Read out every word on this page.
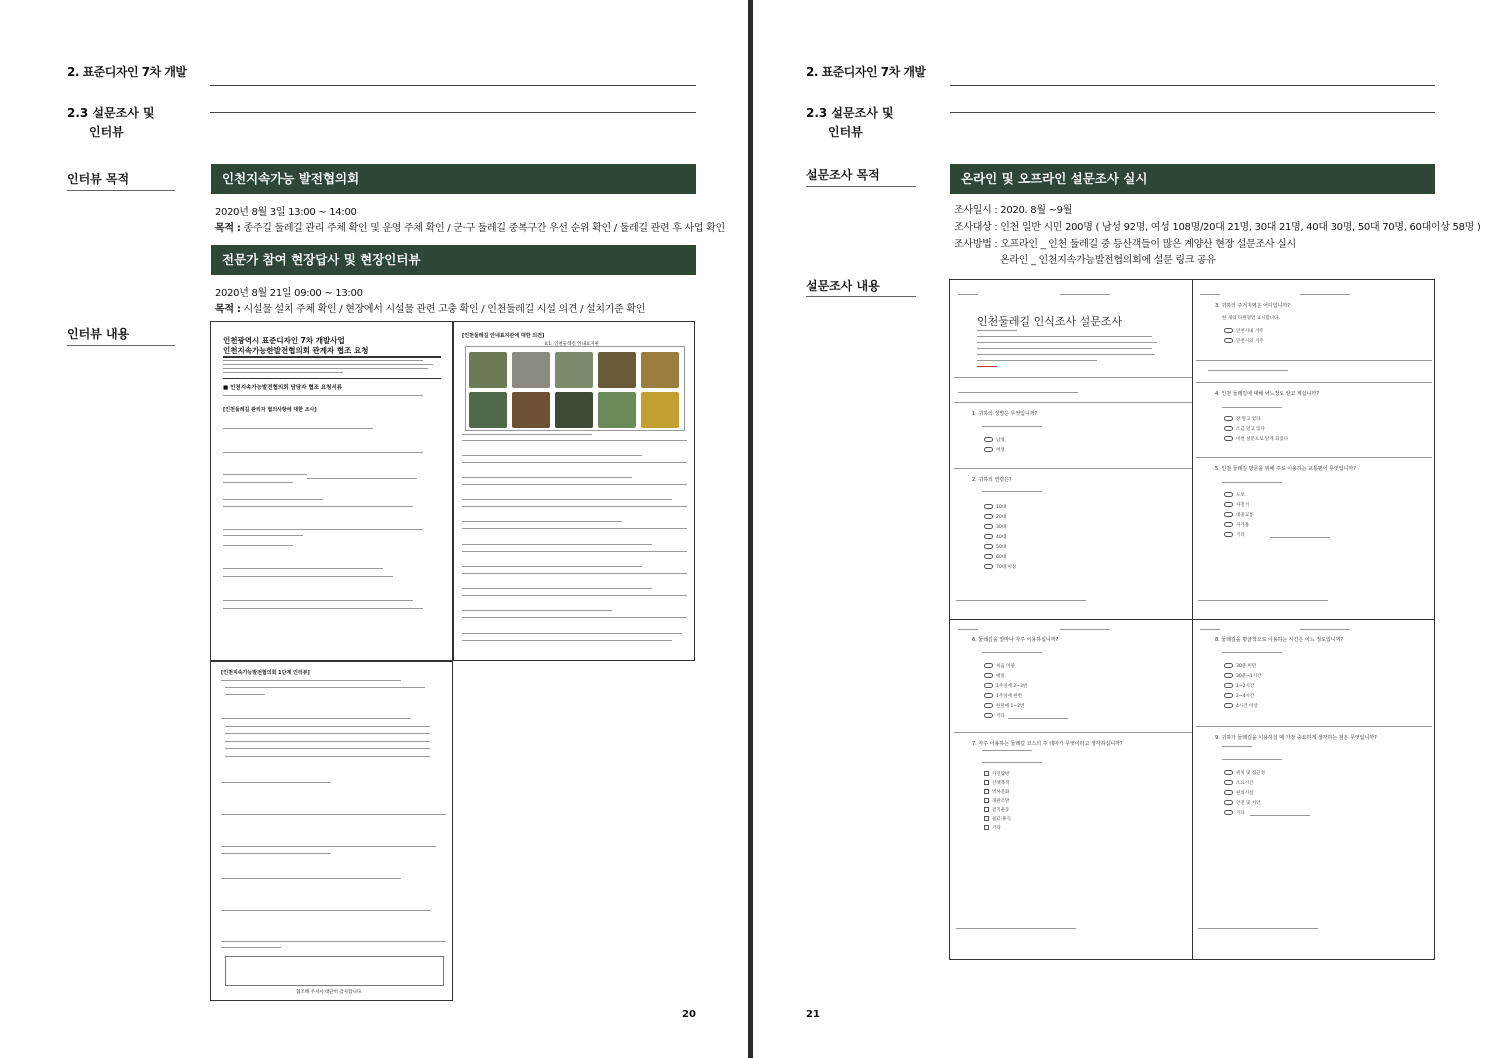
2. 표준디자인 7차 개발
2.3 설문조사 및
인터뷰
인터뷰 목적	인천지속가능 발전협의회
2020년 8월 3일 13:00 ~ 14:00
목적 : 종주길 둘레길 관리 주체 확인 및 운영 주체 확인 / 군·구 둘레길 중복구간 우선 순위 확인 / 둘레길 관련 후 사업 확인
전문가 참여 현장답사 및 현장인터뷰
2020년 8월 21일 09:00 ~ 13:00
목적 : 시설물 설치 주체 확인 / 현장에서 시설물 관련 고충 확인 / 인천둘레길 시설 의견 / 설치기준 확인
인터뷰 내용	인천광역시 표준디자인 7차 개발사업
인천지속가능한발전협의회 관계자 협조 요청
■ 인천지속가능발전협의회 담당자 협조 요청서류
[인천둘레길 관리자 협의사항에 대한 조사]
[인천둘레길 안내표지판에 대한 의견]
표1. 인천둘레길 안내표지판
[인천지속가능발전협의회 1단계 인터뷰]
협조해 주셔서 대단히 감사합니다.
20
2. 표준디자인 7차 개발
2.3 설문조사 및
인터뷰
설문조사 목적	온라인 및 오프라인 설문조사 실시
조사일시 : 2020. 8월 ~9월
조사대상 : 인천 일반 시민 200명 ( 남성 92명, 여성 108명/20대 21명, 30대 21명, 40대 30명, 50대 70명, 60대이상 58명 )
조사방법 : 오프라인 _ 인천 둘레길 중 등산객들이 많은 계양산 현장 설문조사 실시
온라인 _ 인천지속가능발전협의회에 설문 링크 공유
설문조사 내용
인천둘레길 인식조사 설문조사
1. 귀하의 성별은 무엇입니까?
남성
여성
2. 귀하의 연령은?
10대
20대
30대
40대
50대
60대
70대 이상
3. 귀하의 주거지역은 어디입니까?
한 개의 타원형만 표시합니다.
인천시내 거주
인천시외 거주
4. 인천 둘레길에 대해 어느정도 알고 계십니까?
잘 알고 있다
조금 알고 있다
이번 설문으로 알게 되었다
5. 인천 둘레길 방문을 위해 주로 이용하는 교통편이 무엇입니까?
도보
자전거
대중교통
자가용
기타
6. 둘레길을 얼마나 자주 이용하십니까?
처음 이용
매일
1주일에 2~3번
1주일에 한번
한달에 1~2번
기타
7. 자주 이용하는 둘레길 코스의 주 테마가 무엇이라고 생각하십니까?
자연탐방
산책목적
역사문화
경관조망
걷기운동
쉼터·휴식
기타
8. 둘레길을 평균적으로 이용하는 시간은 어느 정도입니까?
30분 미만
30분~1시간
1~2시간
2~4시간
4시간 이상
9. 귀하가 둘레길을 이용하실 때 가장 중요하게 생각하는 점은 무엇입니까?
위치 및 접근성
소요시간
편의시설
안전 및 치안
기타
21
